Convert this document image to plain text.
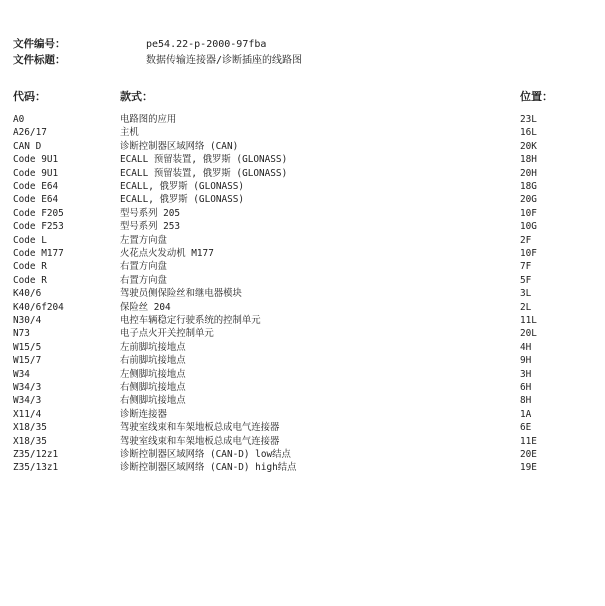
文件编号：	pe54.22-p-2000-97fba
文件标题：	数据传输连接器/诊断插座的线路图
代码：	款式：	位置：
A0	电路图的应用	23L
A26/17	主机	16L
CAN D	诊断控制器区域网络 (CAN)	20K
Code 9U1	ECALL 预留装置, 俄罗斯 (GLONASS)	18H
Code 9U1	ECALL 预留装置, 俄罗斯 (GLONASS)	20H
Code E64	ECALL, 俄罗斯 (GLONASS)	18G
Code E64	ECALL, 俄罗斯 (GLONASS)	20G
Code F205	型号系列 205	10F
Code F253	型号系列 253	10G
Code L	左置方向盘	2F
Code M177	火花点火发动机 M177	10F
Code R	右置方向盘	7F
Code R	右置方向盘	5F
K40/6	驾驶员侧保险丝和继电器模块	3L
K40/6f204	保险丝 204	2L
N30/4	电控车辆稳定行驶系统的控制单元	11L
N73	电子点火开关控制单元	20L
W15/5	左前脚坑接地点	4H
W15/7	右前脚坑接地点	9H
W34	左侧脚坑接地点	3H
W34/3	右侧脚坑接地点	6H
W34/3	右侧脚坑接地点	8H
X11/4	诊断连接器	1A
X18/35	驾驶室线束和车架地板总成电气连接器	6E
X18/35	驾驶室线束和车架地板总成电气连接器	11E
Z35/12z1	诊断控制器区域网络 (CAN-D) low结点	20E
Z35/13z1	诊断控制器区域网络 (CAN-D) high结点	19E
